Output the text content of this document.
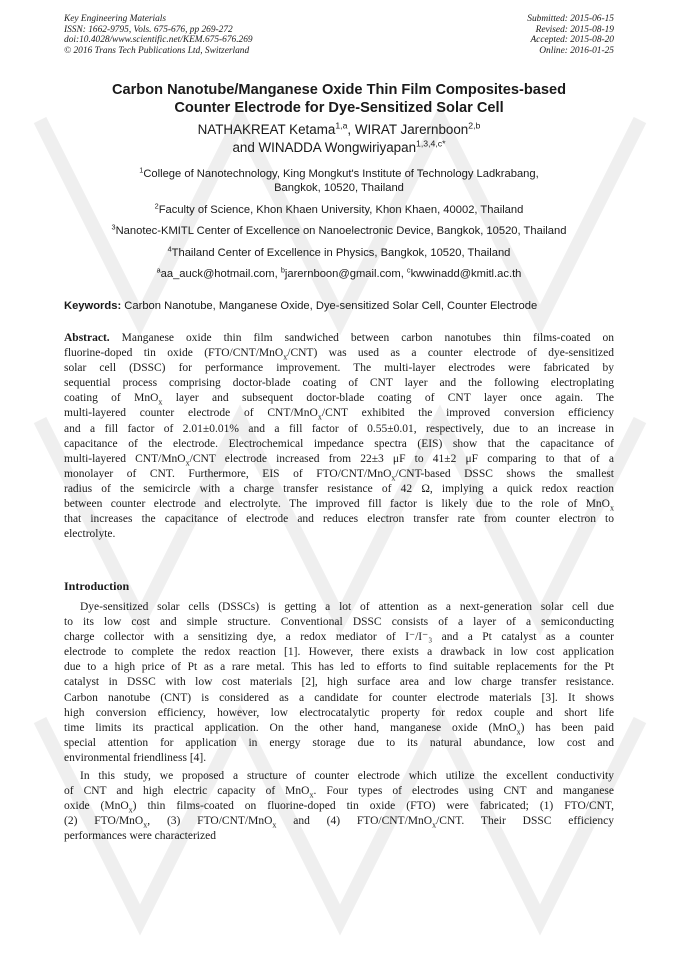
Key Engineering Materials
ISSN: 1662-9795, Vols. 675-676, pp 269-272
doi:10.4028/www.scientific.net/KEM.675-676.269
© 2016 Trans Tech Publications Ltd, Switzerland
Submitted: 2015-06-15
Revised: 2015-08-19
Accepted: 2015-08-20
Online: 2016-01-25
Carbon Nanotube/Manganese Oxide Thin Film Composites-based
Counter Electrode for Dye-Sensitized Solar Cell
NATHAKREAT Ketama$^{1,a}$, WIRAT Jarernboon$^{2,b}$
and WINADDA Wongwiriyapan$^{1,3,4,c*}$
$^1$College of Nanotechnology, King Mongkut's Institute of Technology Ladkrabang,
Bangkok, 10520, Thailand
$^2$Faculty of Science, Khon Khaen University, Khon Khaen, 40002, Thailand
$^3$Nanotec-KMITL Center of Excellence on Nanoelectronic Device, Bangkok, 10520, Thailand
$^4$Thailand Center of Excellence in Physics, Bangkok, 10520, Thailand
$^a$aa_auck@hotmail.com, $^b$jarernboon@gmail.com, $^c$kwwinadd@kmitl.ac.th
Keywords: Carbon Nanotube, Manganese Oxide, Dye-sensitized Solar Cell, Counter Electrode
Abstract. Manganese oxide thin film sandwiched between carbon nanotubes thin films-coated on
fluorine-doped tin oxide (FTO/CNT/MnO$_x$/CNT) was used as a counter electrode of dye-sensitized
solar cell (DSSC) for performance improvement. The multi-layer electrodes were fabricated by
sequential process comprising doctor-blade coating of CNT layer and the following electroplating
coating of MnO$_x$ layer and subsequent doctor-blade coating of CNT layer once again. The
multi-layered counter electrode of CNT/MnO$_x$/CNT exhibited the improved conversion efficiency
and a fill factor of 2.01±0.01% and a fill factor of 0.55±0.01, respectively, due to an increase in
capacitance of the electrode. Electrochemical impedance spectra (EIS) show that the capacitance of
multi-layered CNT/MnO$_x$/CNT electrode increased from 22±3 μF to 41±2 μF comparing to that of a
monolayer of CNT. Furthermore, EIS of FTO/CNT/MnO$_x$/CNT-based DSSC shows the smallest
radius of the semicircle with a charge transfer resistance of 42 Ω, implying a quick redox reaction
between counter electrode and electrolyte. The improved fill factor is likely due to the role of MnO$_x$
that increases the capacitance of electrode and reduces electron transfer rate from counter electron to
electrolyte.
Introduction
Dye-sensitized solar cells (DSSCs) is getting a lot of attention as a next-generation solar cell due
to its low cost and simple structure. Conventional DSSC consists of a layer of a semiconducting
charge collector with a sensitizing dye, a redox mediator of I⁻/I⁻₃ and a Pt catalyst as a counter
electrode to complete the redox reaction [1]. However, there exists a drawback in low cost application
due to a high price of Pt as a rare metal. This has led to efforts to find suitable replacements for the Pt
catalyst in DSSC with low cost materials [2], high surface area and low charge transfer resistance.
Carbon nanotube (CNT) is considered as a candidate for counter electrode materials [3]. It shows
high conversion efficiency, however, low electrocatalytic property for redox couple and short life
time limits its practical application. On the other hand, manganese oxide (MnO$_x$) has been paid
special attention for application in energy storage due to its natural abundance, low cost and
environmental friendliness [4].
In this study, we proposed a structure of counter electrode which utilize the excellent conductivity
of CNT and high electric capacity of MnO$_x$. Four types of electrodes using CNT and manganese
oxide (MnO$_x$) thin films-coated on fluorine-doped tin oxide (FTO) were fabricated; (1) FTO/CNT,
(2) FTO/MnO$_x$, (3) FTO/CNT/MnO$_x$ and (4) FTO/CNT/MnO$_x$/CNT. Their DSSC efficiency
performances were characterized
